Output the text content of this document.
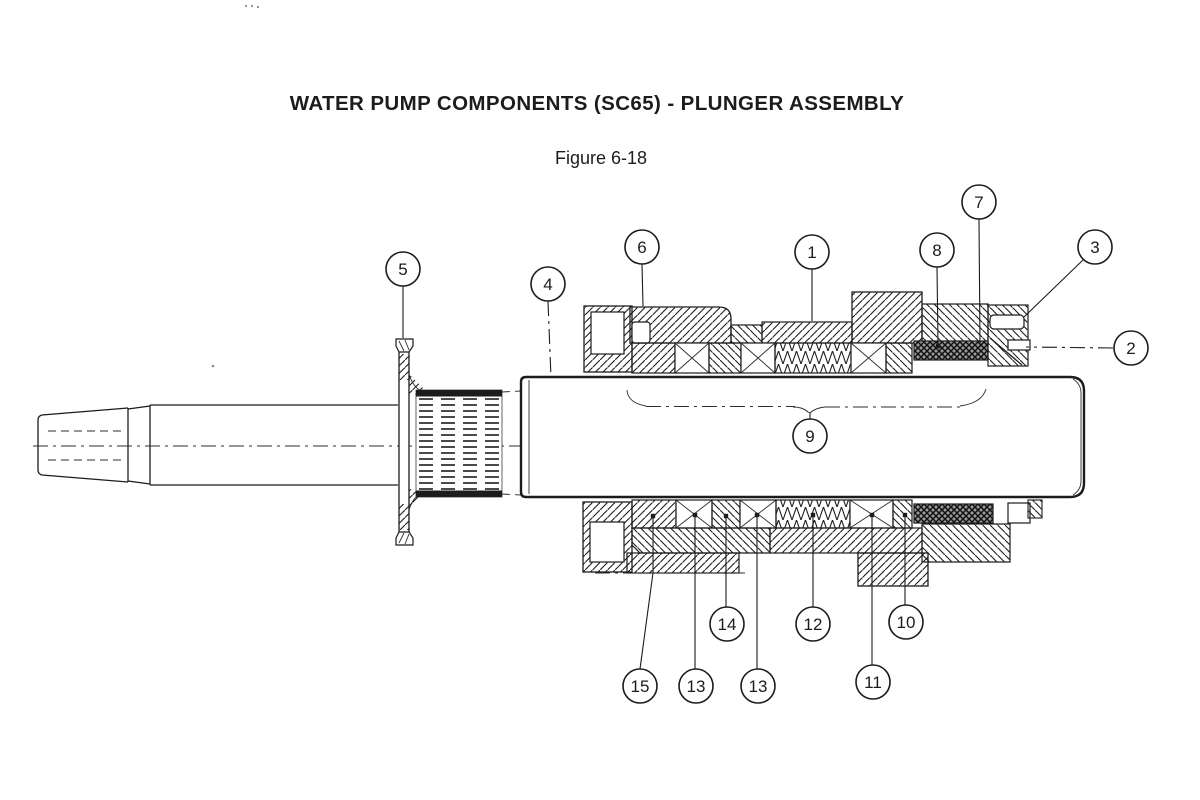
WATER PUMP COMPONENTS (SC65) - PLUNGER ASSEMBLY
Figure 6-18
1
2
3
4
5
6
7
8
9
10
11
12
13	13
14
15
